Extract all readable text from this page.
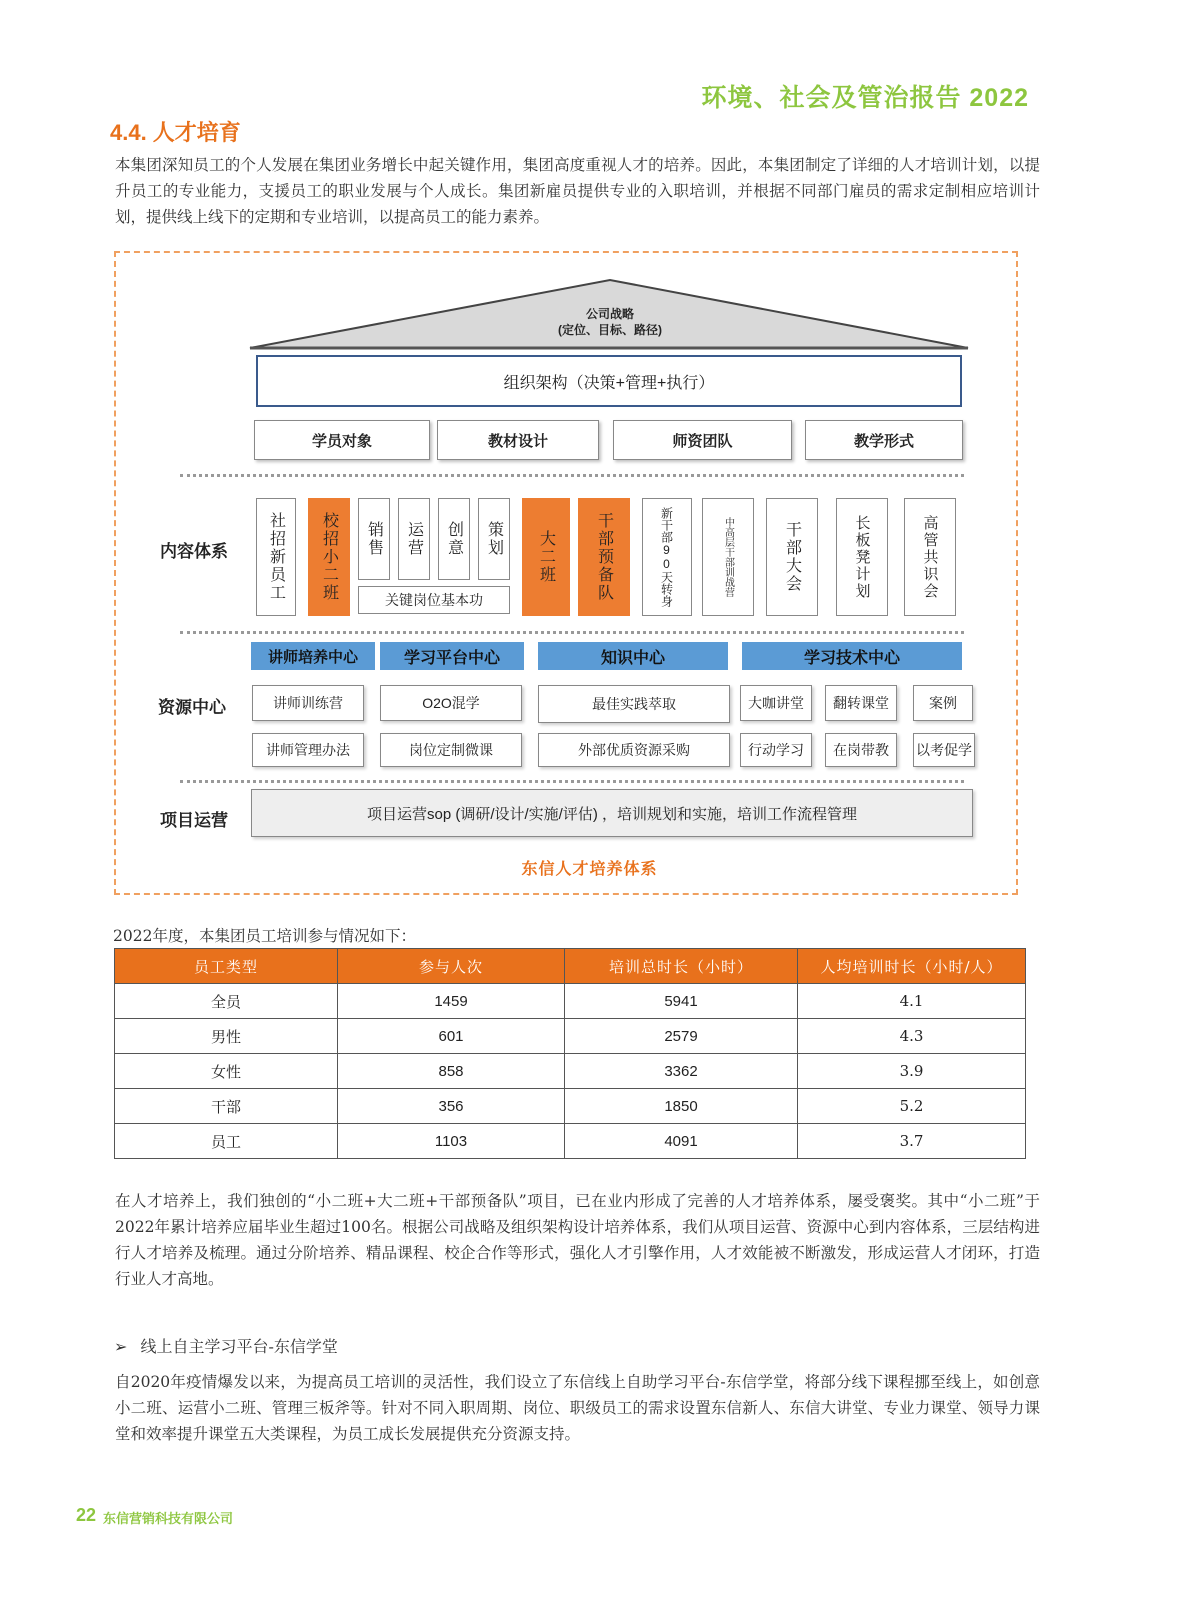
环境、社会及管治报告 2022
4.4. 人才培育
本集团深知员工的个人发展在集团业务增长中起关键作用，集团高度重视人才的培养。因此，本集团制定了详细的人才培训计划，以提升员工的专业能力，支援员工的职业发展与个人成长。集团新雇员提供专业的入职培训，并根据不同部门雇员的需求定制相应培训计划，提供线上线下的定期和专业培训，以提高员工的能力素养。
公司战略
(定位、目标、路径)
组织架构（决策+管理+执行）
学员对象	教材设计	师资团队	教学形式
内容体系	社招新员工	校招小二班	销售	运营	创意	策划
关键岗位基本功
大二班	干部预备队	新干部90天转身	中高层干部训战营	干部大会	长板凳计划	高管共识会
资源中心
讲师培养中心	学习平台中心	知识中心	学习技术中心
讲师训练营	O2O混学	最佳实践萃取	大咖讲堂	翻转课堂	案例
讲师管理办法	岗位定制微课	外部优质资源采购	行动学习	在岗带教	以考促学
项目运营	项目运营sop (调研/设计/实施/评估) ，培训规划和实施，培训工作流程管理
东信人才培养体系
2022年度，本集团员工培训参与情况如下：
员工类型	参与人次	培训总时长（小时）	人均培训时长（小时/人）
全员	1459	5941	4.1
男性	601	2579	4.3
女性	858	3362	3.9
干部	356	1850	5.2
员工	1103	4091	3.7
在人才培养上，我们独创的“小二班+大二班+干部预备队”项目，已在业内形成了完善的人才培养体系，屡受褒奖。其中“小二班”于2022年累计培养应届毕业生超过100名。根据公司战略及组织架构设计培养体系，我们从项目运营、资源中心到内容体系，三层结构进行人才培养及梳理。通过分阶培养、精品课程、校企合作等形式，强化人才引擎作用，人才效能被不断激发，形成运营人才闭环，打造行业人才高地。
➢ 线上自主学习平台-东信学堂
自2020年疫情爆发以来，为提高员工培训的灵活性，我们设立了东信线上自助学习平台-东信学堂，将部分线下课程挪至线上，如创意小二班、运营小二班、管理三板斧等。针对不同入职周期、岗位、职级员工的需求设置东信新人、东信大讲堂、专业力课堂、领导力课堂和效率提升课堂五大类课程，为员工成长发展提供充分资源支持。
22 东信营销科技有限公司
